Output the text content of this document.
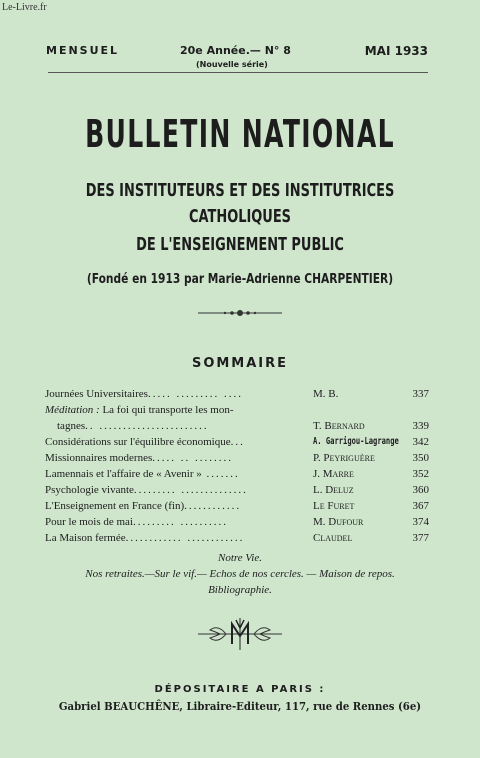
Le-Livre.fr
MENSUEL	20e Année.— N° 8	MAI 1933
(Nouvelle série)
BULLETIN NATIONAL
DES INSTITUTEURS ET DES INSTITUTRICES
CATHOLIQUES
DE L'ENSEIGNEMENT PUBLIC
(Fondé en 1913 par Marie-Adrienne CHARPENTIER)
SOMMAIRE
Journées Universitaires..... ......... ....	M. B.	337
Méditation : La foi qui transporte les mon-
tagnes.. .......................	T. Bernard	339
Considérations sur l'équilibre économique...	A. Garrigou-Lagrange 342
Missionnaires modernes..... .. ........	P. Peyriguère	350
Lamennais et l'affaire de « Avenir » .......	J. Marre	352
Psychologie vivante......... ..............	L. Deluz	360
L'Enseignement en France (fin)............	Le Furet	367
Pour le mois de mai......... ..........	M. Dufour	374
La Maison fermée............ ............	Claudel	377
Notre Vie.
Nos retraites.—Sur le vif.— Echos de nos cercles. — Maison de repos.
Bibliographie.
DÉPOSITAIRE A PARIS :
Gabriel BEAUCHÊNE, Libraire-Editeur, 117, rue de Rennes (6e)
